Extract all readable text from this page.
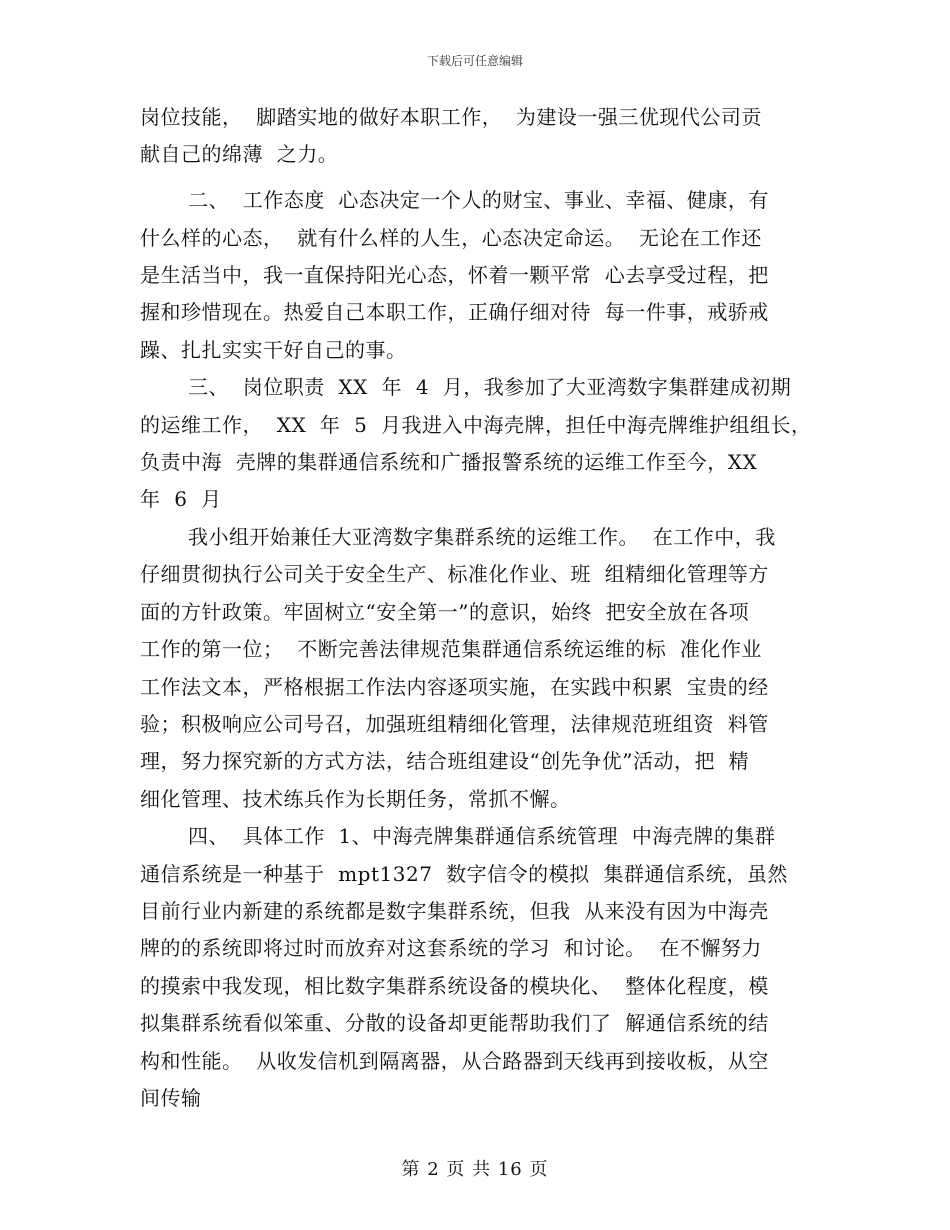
下载后可任意编辑
岗位技能，  脚踏实地的做好本职工作，  为建设一强三优现代公司贡
献自己的绵薄  之力。
二、  工作态度  心态决定一个人的财宝、事业、幸福、健康，有
什么样的心态，  就有什么样的人生，心态决定命运。  无论在工作还
是生活当中，我一直保持阳光心态，怀着一颗平常  心去享受过程，把
握和珍惜现在。热爱自己本职工作，正确仔细对待  每一件事，戒骄戒
躁、扎扎实实干好自己的事。
三、  岗位职责  XX  年  4  月，我参加了大亚湾数字集群建成初期
的运维工作，  XX  年  5  月我进入中海壳牌，担任中海壳牌维护组组长，
负责中海  壳牌的集群通信系统和广播报警系统的运维工作至今，XX
年  6  月
我小组开始兼任大亚湾数字集群系统的运维工作。  在工作中，我
仔细贯彻执行公司关于安全生产、标准化作业、班  组精细化管理等方
面的方针政策。牢固树立“安全第一”的意识，始终  把安全放在各项
工作的第一位；  不断完善法律规范集群通信系统运维的标  准化作业
工作法文本，严格根据工作法内容逐项实施，在实践中积累  宝贵的经
验；积极响应公司号召，加强班组精细化管理，法律规范班组资  料管
理，努力探究新的方式方法，结合班组建设“创先争优”活动，把  精
细化管理、技术练兵作为长期任务，常抓不懈。
四、  具体工作  1、中海壳牌集群通信系统管理  中海壳牌的集群
通信系统是一种基于  mpt1327  数字信令的模拟  集群通信系统，虽然
目前行业内新建的系统都是数字集群系统，但我  从来没有因为中海壳
牌的的系统即将过时而放弃对这套系统的学习  和讨论。  在不懈努力
的摸索中我发现，相比数字集群系统设备的模块化、  整体化程度，模
拟集群系统看似笨重、分散的设备却更能帮助我们了  解通信系统的结
构和性能。  从收发信机到隔离器，从合路器到天线再到接收板，从空
间传输
第 2 页 共 16 页
